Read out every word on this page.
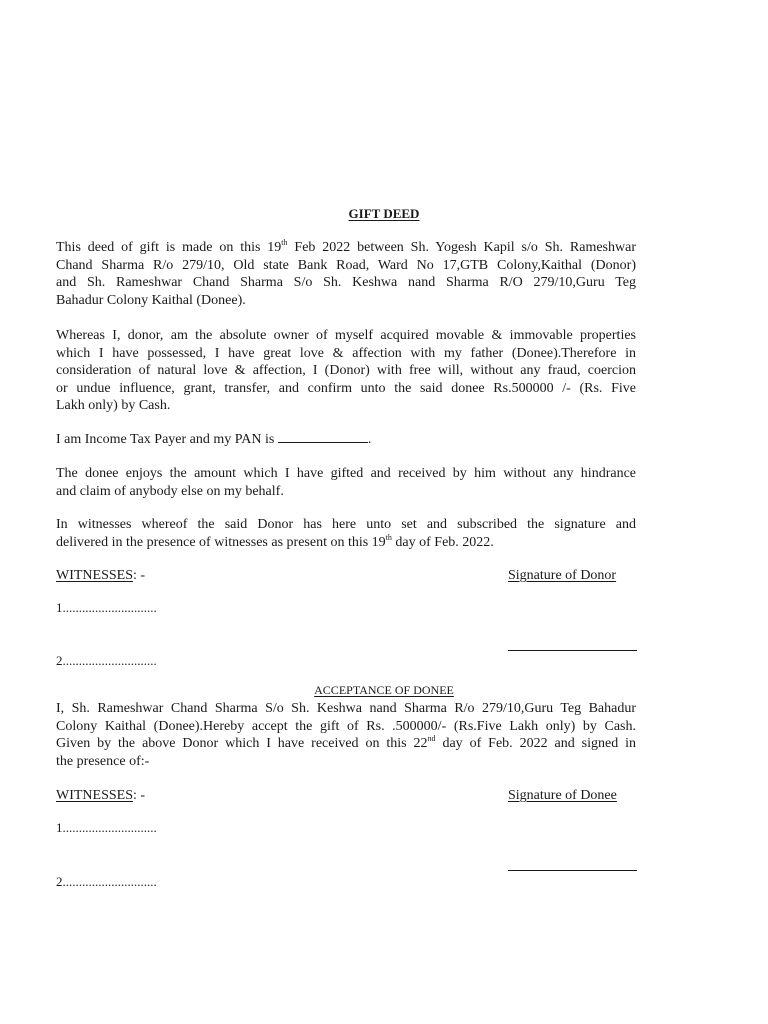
GIFT DEED
This deed of gift is made on this 19th Feb 2022 between Sh. Yogesh Kapil s/o Sh. Rameshwar
Chand Sharma R/o 279/10, Old state Bank Road, Ward No 17,GTB Colony,Kaithal (Donor)
and Sh. Rameshwar Chand Sharma S/o Sh. Keshwa nand Sharma R/O 279/10,Guru Teg
Bahadur Colony Kaithal (Donee).
Whereas I, donor, am the absolute owner of myself acquired movable & immovable properties
which I have possessed, I have great love & affection with my father (Donee).Therefore in
consideration of natural love & affection, I (Donor) with free will, without any fraud, coercion
or undue influence, grant, transfer, and confirm unto the said donee Rs.500000 /- (Rs. Five
Lakh only) by Cash.
I am Income Tax Payer and my PAN is	.
The donee enjoys the amount which I have gifted and received by him without any hindrance
and claim of anybody else on my behalf.
In witnesses whereof the said Donor has here unto set and subscribed the signature and
delivered in the presence of witnesses as present on this 19th day of Feb. 2022.
WITNESSES: -	Signature of Donor
1.............................
2.............................
ACCEPTANCE OF DONEE
I, Sh. Rameshwar Chand Sharma S/o Sh. Keshwa nand Sharma R/o 279/10,Guru Teg Bahadur
Colony Kaithal (Donee).Hereby accept the gift of Rs. .500000/- (Rs.Five Lakh only) by Cash.
Given by the above Donor which I have received on this 22nd day of Feb. 2022 and signed in
the presence of:-
WITNESSES: -	Signature of Donee
1.............................
2.............................
